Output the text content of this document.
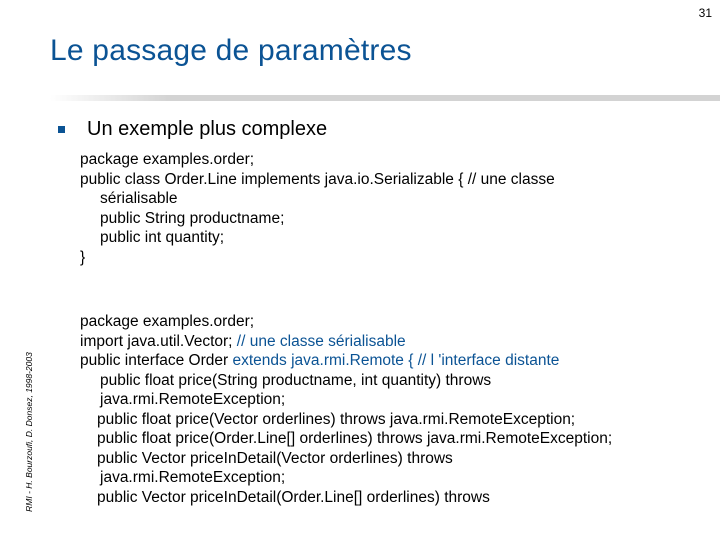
31
Le passage de paramètres
RMI - H. Bourzoufi, D. Donsez, 1998-2003
Un exemple plus complexe
package examples.order;
public class Order.Line implements java.io.Serializable { // une classe
sérialisable
public String productname;
public int quantity;
}
package examples.order;
import java.util.Vector; // une classe sérialisable
public interface Order extends java.rmi.Remote { // l 'interface distante
public float price(String productname, int quantity) throws
java.rmi.RemoteException;
public float price(Vector orderlines) throws java.rmi.RemoteException;
public float price(Order.Line[] orderlines) throws java.rmi.RemoteException;
public Vector priceInDetail(Vector orderlines) throws
java.rmi.RemoteException;
public Vector priceInDetail(Order.Line[] orderlines) throws
